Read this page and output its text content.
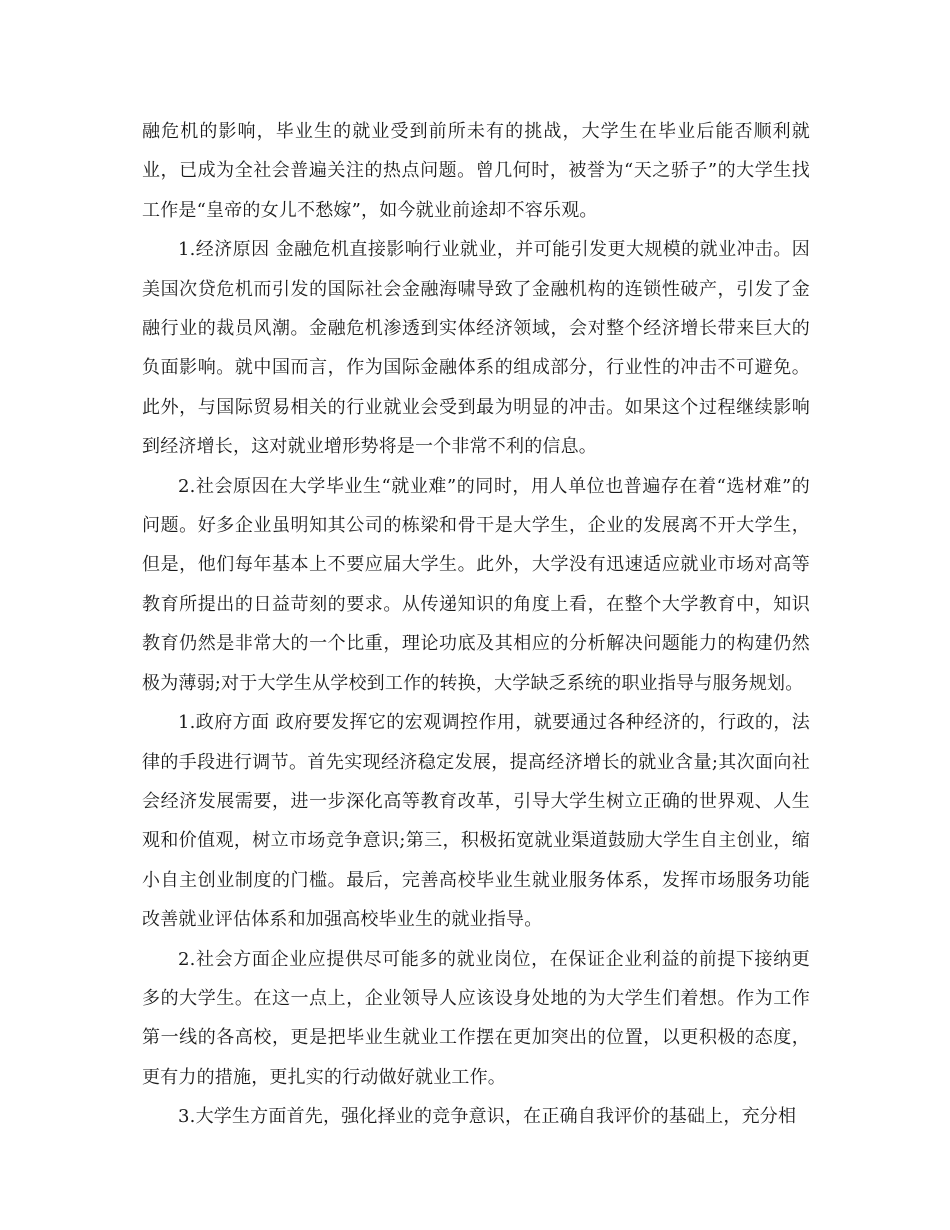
融危机的影响，毕业生的就业受到前所未有的挑战，大学生在毕业后能否顺利就业，已成为全社会普遍关注的热点问题。曾几何时，被誉为“天之骄子”的大学生找工作是“皇帝的女儿不愁嫁”，如今就业前途却不容乐观。

1.经济原因 金融危机直接影响行业就业，并可能引发更大规模的就业冲击。因美国次贷危机而引发的国际社会金融海啸导致了金融机构的连锁性破产，引发了金融行业的裁员风潮。金融危机渗透到实体经济领域，会对整个经济增长带来巨大的负面影响。就中国而言，作为国际金融体系的组成部分，行业性的冲击不可避免。此外，与国际贸易相关的行业就业会受到最为明显的冲击。如果这个过程继续影响到经济增长，这对就业增形势将是一个非常不利的信息。

2.社会原因在大学毕业生“就业难”的同时，用人单位也普遍存在着“选材难”的问题。好多企业虽明知其公司的栋梁和骨干是大学生，企业的发展离不开大学生，但是，他们每年基本上不要应届大学生。此外，大学没有迅速适应就业市场对高等教育所提出的日益苛刻的要求。从传递知识的角度上看，在整个大学教育中，知识教育仍然是非常大的一个比重，理论功底及其相应的分析解决问题能力的构建仍然极为薄弱;对于大学生从学校到工作的转换，大学缺乏系统的职业指导与服务规划。

1.政府方面 政府要发挥它的宏观调控作用，就要通过各种经济的，行政的，法律的手段进行调节。首先实现经济稳定发展，提高经济增长的就业含量;其次面向社会经济发展需要，进一步深化高等教育改革，引导大学生树立正确的世界观、人生观和价值观，树立市场竞争意识;第三，积极拓宽就业渠道鼓励大学生自主创业，缩小自主创业制度的门槛。最后，完善高校毕业生就业服务体系，发挥市场服务功能改善就业评估体系和加强高校毕业生的就业指导。

2.社会方面企业应提供尽可能多的就业岗位，在保证企业利益的前提下接纳更多的大学生。在这一点上，企业领导人应该设身处地的为大学生们着想。作为工作第一线的各高校，更是把毕业生就业工作摆在更加突出的位置，以更积极的态度，更有力的措施，更扎实的行动做好就业工作。

3.大学生方面首先，强化择业的竞争意识，在正确自我评价的基础上，充分相
